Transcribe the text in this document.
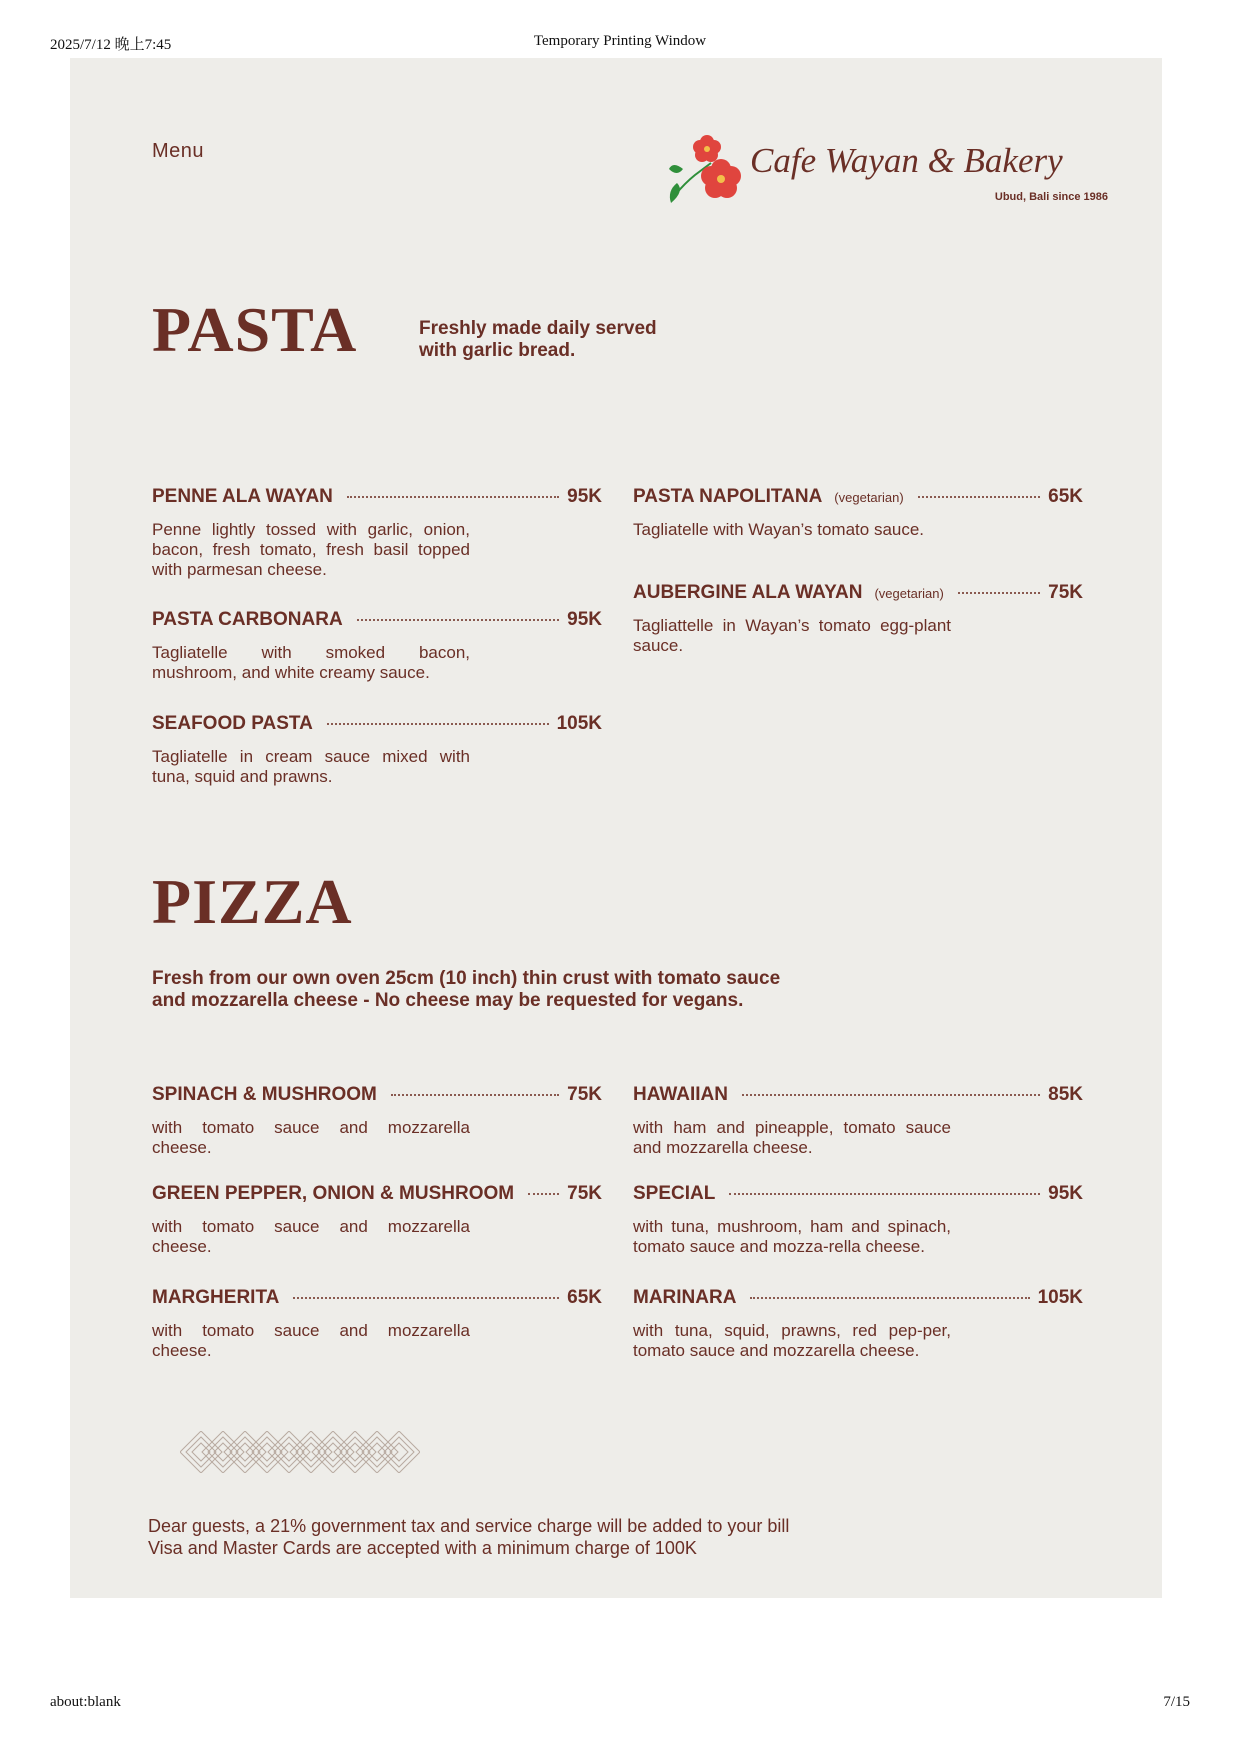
2025/7/12 晚上7:45	Temporary Printing Window
about:blank	7/15
Menu	Cafe Wayan & Bakery
Ubud, Bali since 1986
PASTA	Freshly made daily served
with garlic bread.
PENNE ALA WAYAN	95K
Penne lightly tossed with garlic, onion, bacon, fresh tomato, fresh basil topped with parmesan cheese.
PASTA CARBONARA	95K
Tagliatelle with smoked bacon, mushroom, and white creamy sauce.
SEAFOOD PASTA	105K
Tagliatelle in cream sauce mixed with tuna, squid and prawns.
PASTA NAPOLITANA (vegetarian)	65K
Tagliatelle with Wayan’s tomato sauce.
AUBERGINE ALA WAYAN (vegetarian)	75K
Tagliattelle in Wayan’s tomato egg-plant sauce.
PIZZA
Fresh from our own oven 25cm (10 inch) thin crust with tomato sauce
and mozzarella cheese - No cheese may be requested for vegans.
SPINACH & MUSHROOM	75K
with tomato sauce and mozzarella cheese.
GREEN PEPPER, ONION & MUSHROOM	75K
with tomato sauce and mozzarella cheese.
MARGHERITA	65K
with tomato sauce and mozzarella cheese.
HAWAIIAN	85K
with ham and pineapple, tomato sauce and mozzarella cheese.
SPECIAL	95K
with tuna, mushroom, ham and spinach, tomato sauce and mozza-rella cheese.
MARINARA	105K
with tuna, squid, prawns, red pep-per, tomato sauce and mozzarella cheese.
Dear guests, a 21% government tax and service charge will be added to your bill
Visa and Master Cards are accepted with a minimum charge of 100K
